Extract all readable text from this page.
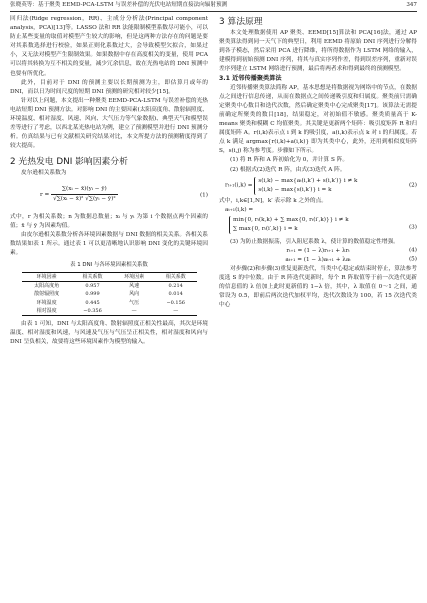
张晓英等：基于聚类 EEMD-PCA-LSTM 与误差补偿的光伏电站短期直接法向辐射预测	347

回归法(Ridge regression，RR)、主成分分析法(Principal component analysis，PCA)[13]等。LASSO 法和 RR 法能限制模型系数尽可能小，可以防止某些变量的取值对模型产生较大的影响，但是这两种方法存在的问题是要对其系数选择进行校验，如果正则化系数过大，会导致模型欠拟合，如果过小，又无法对模型产生限制效果。如果数据中存在高度相关的变量，使用 PCA 可以将其转换为互不相关的变量，减少冗余信息，故在光热电站的 DNI 预测中也要有所优化。

此外，目前对于 DNI 的预测主要以长期预测为主，即估算月或年的 DNI，而以日为时间尺度的短期 DNI 预测的研究相对较少[15]。

针对以上问题，本文提出一种聚类 EEMD-PCA-LSTM 与误差补偿的光热电站短期 DNI 预测方法。对影响 DNI 的主要因素(太阳高度角、散射辐照度、环境温度、相对湿度、风速、风向、大气压力等气象数据)、典型天气和模型误差等进行了考虑，以西北某光热电站为例，建立了预测模型并进行 DNI 预测分析。仿真结果与已有文献相关研究结果对比，本文所提方法的预测精度得到了较大提高。

2 光热发电 DNI 影响因素分析

皮尔逊相关系数为

$r = \frac{\text{∑(xᵢ − x̄)(yᵢ − ȳ)}}{\text{√∑(xᵢ − x̄)² √∑(yᵢ − ȳ)²}}$	(1)

式中，r 为相关系数；n 为数据总数量；xᵢ 与 yᵢ 为第 i 个数据点两个因素的值；x̄ 与 ȳ 为因素均值。

由皮尔逊相关系数分析各环境因素数据与 DNI 数据的相关关系。各相关系数结果如表 1 所示。通过表 1 可以更清晰地认识影响 DNI 变化的关键环境因素。

表 1 DNI 与各环境因素相关系数
环境因素	相关系数	环境因素	相关系数
太阳高度角	0.957	风速	0.214
散射辐照度	0.999	风向	0.014
环境温度	0.445	气压	−0.156
相对湿度	−0.356	—	—

由表 1 可知，DNI 与太阳高度角、散射辐照度正相关性最高，其次是环境温度、相对湿度和风速，与风速及气压与气压呈正相关性，相对湿度和风向与 DNI 呈负相关，故要将这些环境因素作为模型的输入。

3 算法原理

本文处理数据使用 AP 聚类、EEMD[15]算法和 PCA[16]法，通过 AP 聚类算法得到同一天气下的典型日，利用 EEMD 将原始 DNI 序列进行分解得到各子模态，然后采用 PCA 进行降维，将所得数据作为 LSTM 网络的输入，建模得到初始预测 DNI 序列，将其与真实序列作差，得到误差序列，重新对误差序列建立 LSTM 网络进行预测，最后将两者求和得到最终的预测模型。

3.1 近邻传播聚类算法

近邻传播聚类算法简称 AP，基本思想是将数据视为网络中的节点，在数据点之间进行信息传递，从而在数据点之间传递吸引度和归属度。聚类前只需确定聚类中心数目和迭代次数，然后确定聚类中心完成聚类[17]。该算法无需提前确定所聚类的数目[18]，结果稳定，对初始值不敏感。聚类质量高于 K-means 聚类和模糊 C 均值聚类。其关键是更新两个矩阵：吸引度矩阵 R 和归属度矩阵 A。r(i,k)表示点 i 到 k 的吸引度，a(i,k)表示点 k 对 i 的归属度。若点 k 满足 argmax{r(i,k)+a(i,k)} 即为其类中心，此外，还用到相似度矩阵 S，s(i,j) 称为参考度。步骤如下所示。

(1) 将 R 阵和 A 阵初始化为 0，并计算 S 阵。

(2) 根据式(2)迭代 R 阵，由式(3)迭代 A 阵。

rₜ₊₁(i,k) =
s(i,k) − max{aₜ(i,k′) + s(i,k′)} i ≠ k
s(i,k) − max{s(i,k′)} i = k
(2)

式中，i,k∈[1,N]，k′ 表示除 k 之外的点。

aₜ₊₁(i,k) =
min{0, rₜ(k,k) + ∑ max{0, rₜ(i′,k)}} i ≠ k
∑ max{0, rₜ(i′,k)} i = k	(3)

(3) 为防止数据振荡，引入阻尼系数 λ，使计算的数值稳定性增强。

rₜ₊₁ = (1 − λ)rₜ₊₁ + λrₜ	(4)
aₜ₊₁ = (1 − λ)aₜ₊₁ + λaₜ	(5)

对步骤(2)和步骤(3)重复更新迭代，当类中心稳定或结束时停止，算法参考度选 S 的中位数。由于 R 阵迭代更新时，每个 R 阵取值等于前一次迭代更新的信息值的 λ 倍加上此时更新值的 1−λ 倍，其中，λ 取值在 0～1 之间，通常设为 0.5，即前后两次迭代加权平均，迭代次数设为 100，若 15 次迭代类中心
